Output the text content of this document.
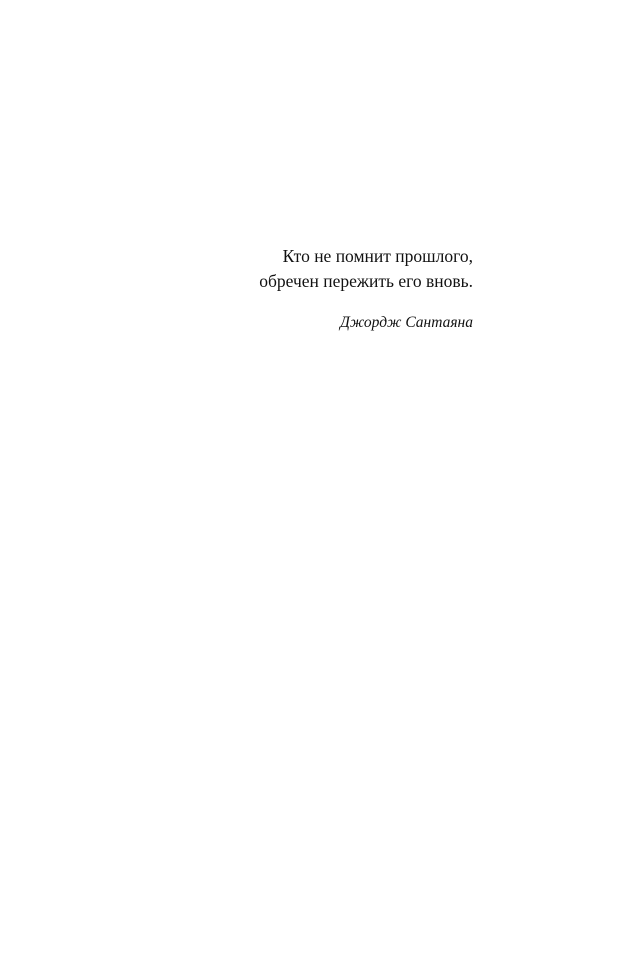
Кто не помнит прошлого,
обречен пережить его вновь.
Джордж Сантаяна
